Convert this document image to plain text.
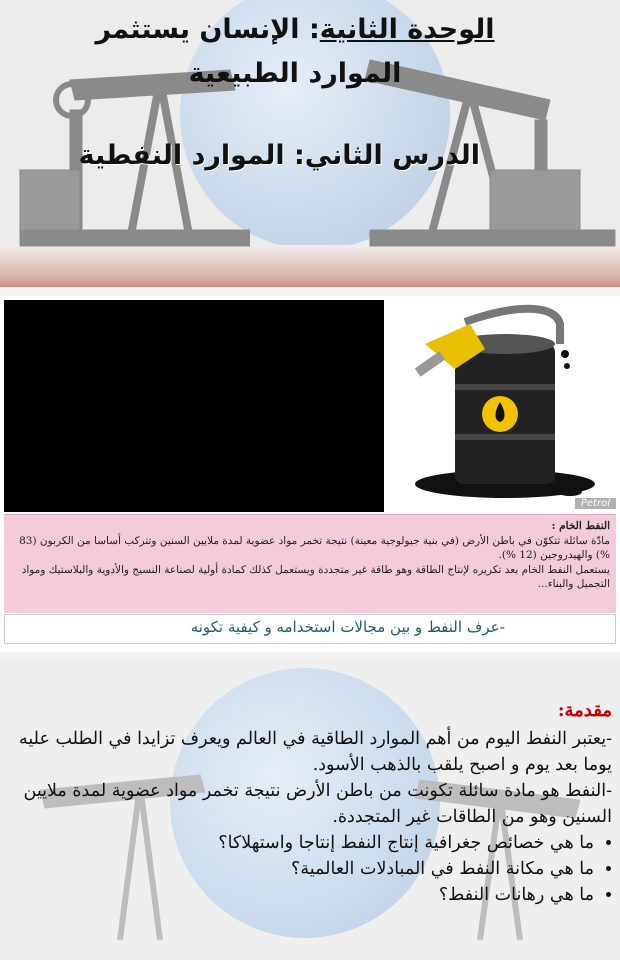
الوحدة الثانية: الإنسان يستثمر الموارد الطبيعية
الدرس الثاني: الموارد النفطية
Petrol
النفط الخام :
مادّة سائلة تتكوّن في باطن الأرض (في بنية جيولوجية معينة) نتيجة تخمر مواد عضوية لمدة ملايين السنين وتتركب أساسا من الكربون (83 %) والهيدروجين (12 %).
يستعمل النفط الخام بعد تكريره لإنتاج الطاقة وهو طاقة غير متجددة ويستعمل كذلك كمادة أولية لصناعة النسيج والأدوية والبلاستيك ومواد التجميل والبناء...
-عرف النفط و بين مجالات استخدامه و كيفية تكونه
مقدمة:
-يعتبر النفط اليوم من أهم الموارد الطاقية في العالم ويعرف تزايدا في الطلب عليه يوما بعد يوم و اصبح يلقب بالذهب الأسود.
-النفط هو مادة سائلة تكونت من باطن الأرض نتيجة تخمر مواد عضوية لمدة ملايين السنين وهو من الطاقات غير المتجددة.
• ما هي خصائص جغرافية إنتاج النفط إنتاجا واستهلاكا؟
• ما هي مكانة النفط في المبادلات العالمية؟
• ما هي رهانات النفط؟
